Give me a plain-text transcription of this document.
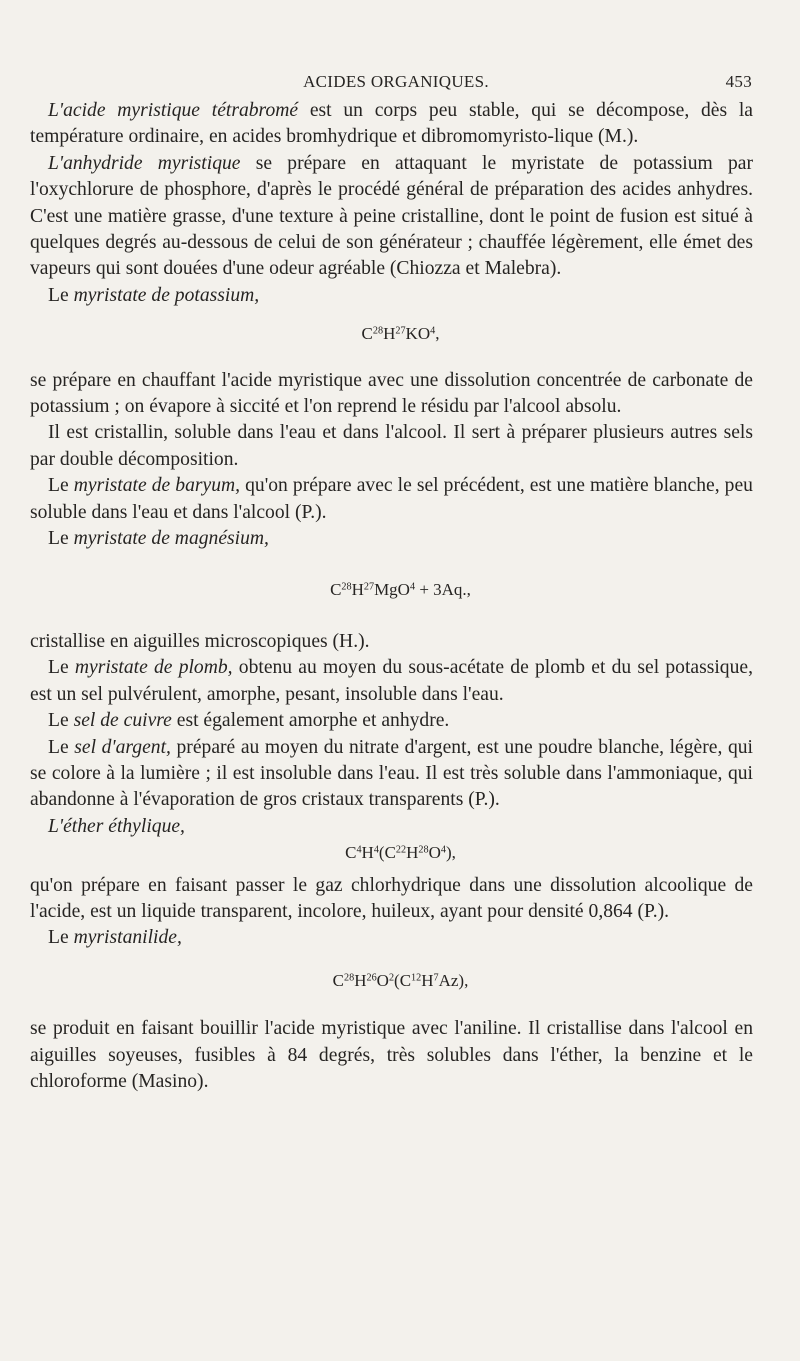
ACIDES ORGANIQUES.	453

L'acide myristique tétrabromé est un corps peu stable, qui se décompose, dès la température ordinaire, en acides bromhydrique et dibromomyristo-lique (M.).

L'anhydride myristique se prépare en attaquant le myristate de potassium par l'oxychlorure de phosphore, d'après le procédé général de préparation des acides anhydres. C'est une matière grasse, d'une texture à peine cristalline, dont le point de fusion est situé à quelques degrés au-dessous de celui de son générateur ; chauffée légèrement, elle émet des vapeurs qui sont douées d'une odeur agréable (Chiozza et Malebra).

Le myristate de potassium,

$C^{28}H^{27}KO^4$,

se prépare en chauffant l'acide myristique avec une dissolution concentrée de carbonate de potassium ; on évapore à siccité et l'on reprend le résidu par l'alcool absolu.

Il est cristallin, soluble dans l'eau et dans l'alcool. Il sert à préparer plusieurs autres sels par double décomposition.

Le myristate de baryum, qu'on prépare avec le sel précédent, est une matière blanche, peu soluble dans l'eau et dans l'alcool (P.).

Le myristate de magnésium,

$C^{28}H^{27}MgO^4 + 3Aq$.,

cristallise en aiguilles microscopiques (H.).

Le myristate de plomb, obtenu au moyen du sous-acétate de plomb et du sel potassique, est un sel pulvérulent, amorphe, pesant, insoluble dans l'eau.

Le sel de cuivre est également amorphe et anhydre.

Le sel d'argent, préparé au moyen du nitrate d'argent, est une poudre blanche, légère, qui se colore à la lumière ; il est insoluble dans l'eau. Il est très soluble dans l'ammoniaque, qui abandonne à l'évaporation de gros cristaux transparents (P.).

L'éther éthylique,

$C^4H^4(C^{22}H^{28}O^4)$,

qu'on prépare en faisant passer le gaz chlorhydrique dans une dissolution alcoolique de l'acide, est un liquide transparent, incolore, huileux, ayant pour densité 0,864 (P.).

Le myristanilide,

$C^{28}H^{26}O^2(C^{12}H^7Az)$,

se produit en faisant bouillir l'acide myristique avec l'aniline. Il cristallise dans l'alcool en aiguilles soyeuses, fusibles à 84 degrés, très solubles dans l'éther, la benzine et le chloroforme (Masino).
